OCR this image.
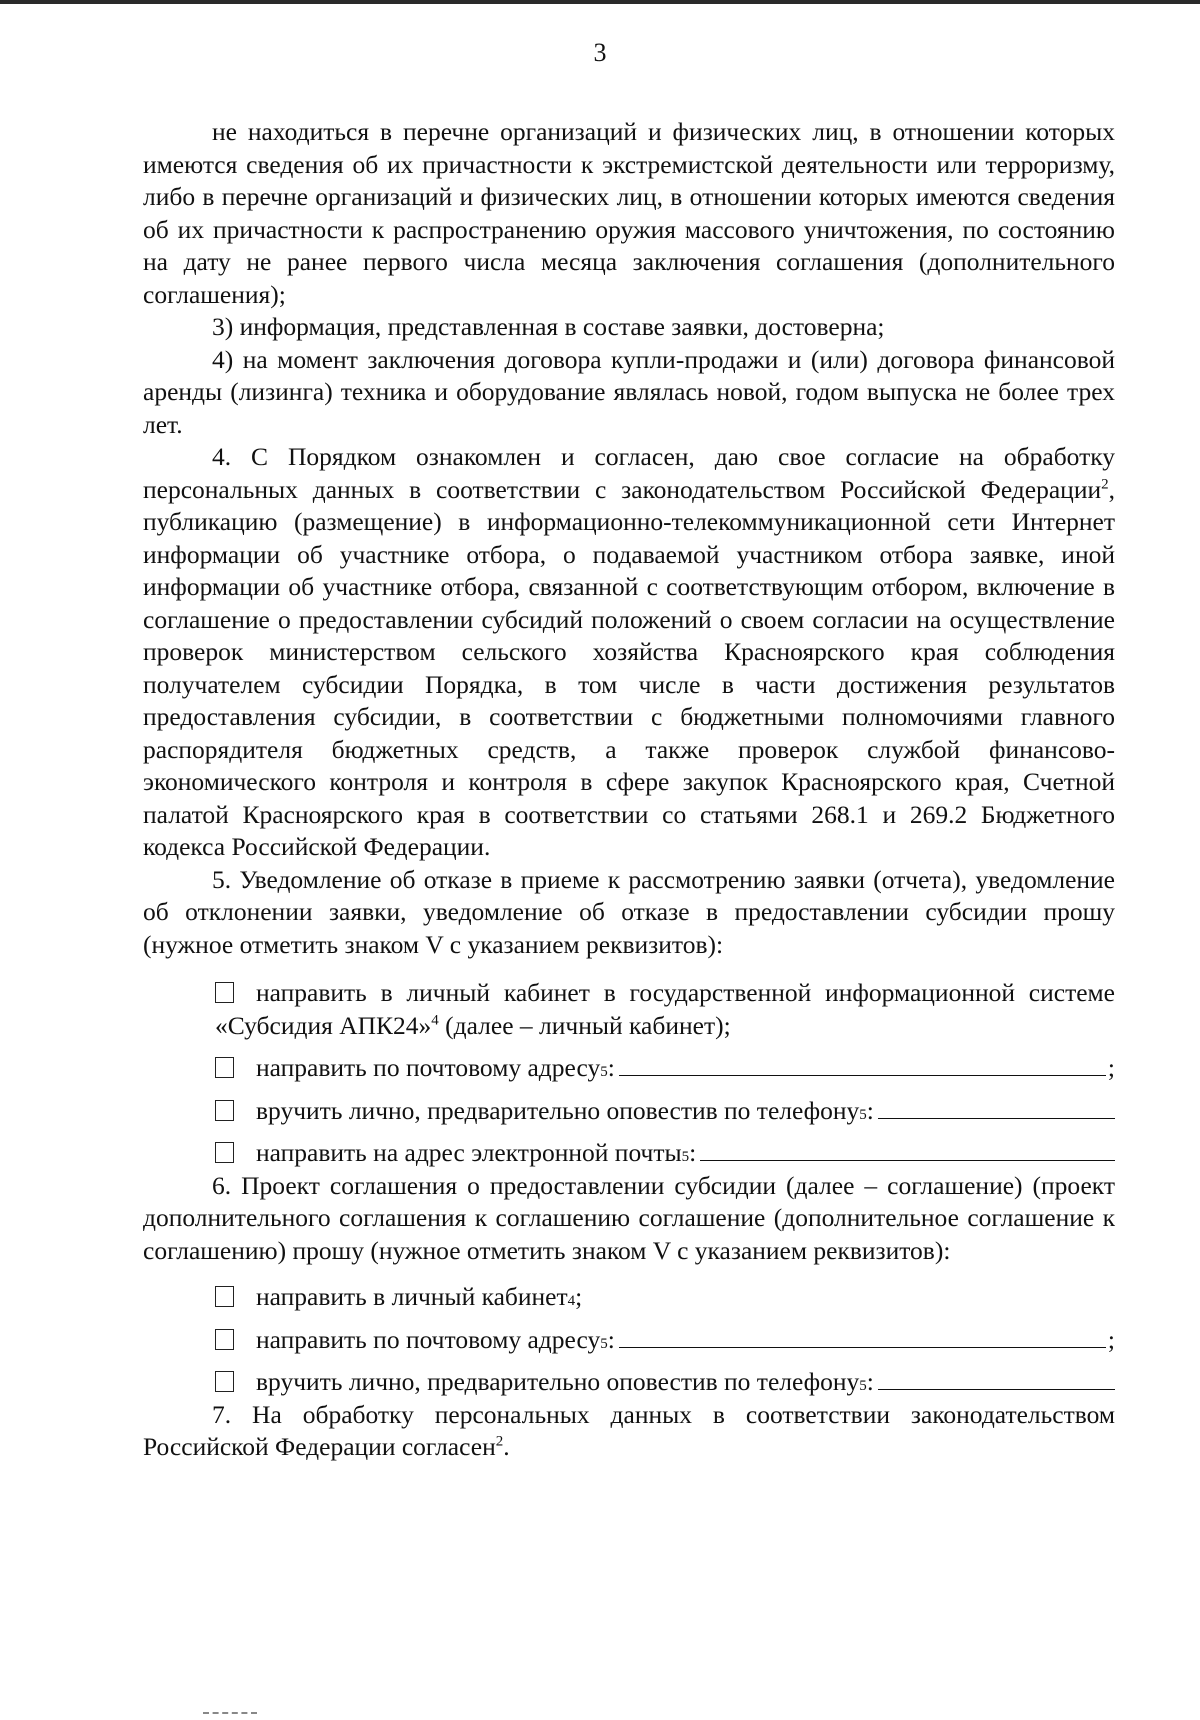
3

не находиться в перечне организаций и физических лиц, в отношении которых имеются сведения об их причастности к экстремистской деятельности или терроризму, либо в перечне организаций и физических лиц, в отношении которых имеются сведения об их причастности к распространению оружия массового уничтожения, по состоянию на дату не ранее первого числа месяца заключения соглашения (дополнительного соглашения);

3) информация, представленная в составе заявки, достоверна;

4) на момент заключения договора купли-продажи и (или) договора финансовой аренды (лизинга) техника и оборудование являлась новой, годом выпуска не более трех лет.

4. С Порядком ознакомлен и согласен, даю свое согласие на обработку персональных данных в соответствии с законодательством Российской Федерации$^2$, публикацию (размещение) в информационно-телекоммуникационной сети Интернет информации об участнике отбора, о подаваемой участником отбора заявке, иной информации об участнике отбора, связанной с соответствующим отбором, включение в соглашение о предоставлении субсидий положений о своем согласии на осуществление проверок министерством сельского хозяйства Красноярского края соблюдения получателем субсидии Порядка, в том числе в части достижения результатов предоставления субсидии, в соответствии с бюджетными полномочиями главного распорядителя бюджетных средств, а также проверок службой финансово-экономического контроля и контроля в сфере закупок Красноярского края, Счетной палатой Красноярского края в соответствии со статьями 268.1 и 269.2 Бюджетного кодекса Российской Федерации.

5. Уведомление об отказе в приеме к рассмотрению заявки (отчета), уведомление об отклонении заявки, уведомление об отказе в предоставлении субсидии прошу (нужное отметить знаком V с указанием реквизитов):

направить в личный кабинет в государственной информационной системе «Субсидия АПК24»$^4$ (далее – личный кабинет);
направить по почтовому адресу 5 :	;
вручить лично, предварительно оповестив по телефону 5 :
направить на адрес электронной почты 5 :

6. Проект соглашения о предоставлении субсидии (далее – соглашение) (проект дополнительного соглашения к соглашению соглашение (дополнительное соглашение к соглашению) прошу (нужное отметить знаком V с указанием реквизитов):

направить в личный кабинет 4 ;
направить по почтовому адресу 5 :	;
вручить лично, предварительно оповестив по телефону 5 :

7. На обработку персональных данных в соответствии законодательством Российской Федерации согласен$^2$.
